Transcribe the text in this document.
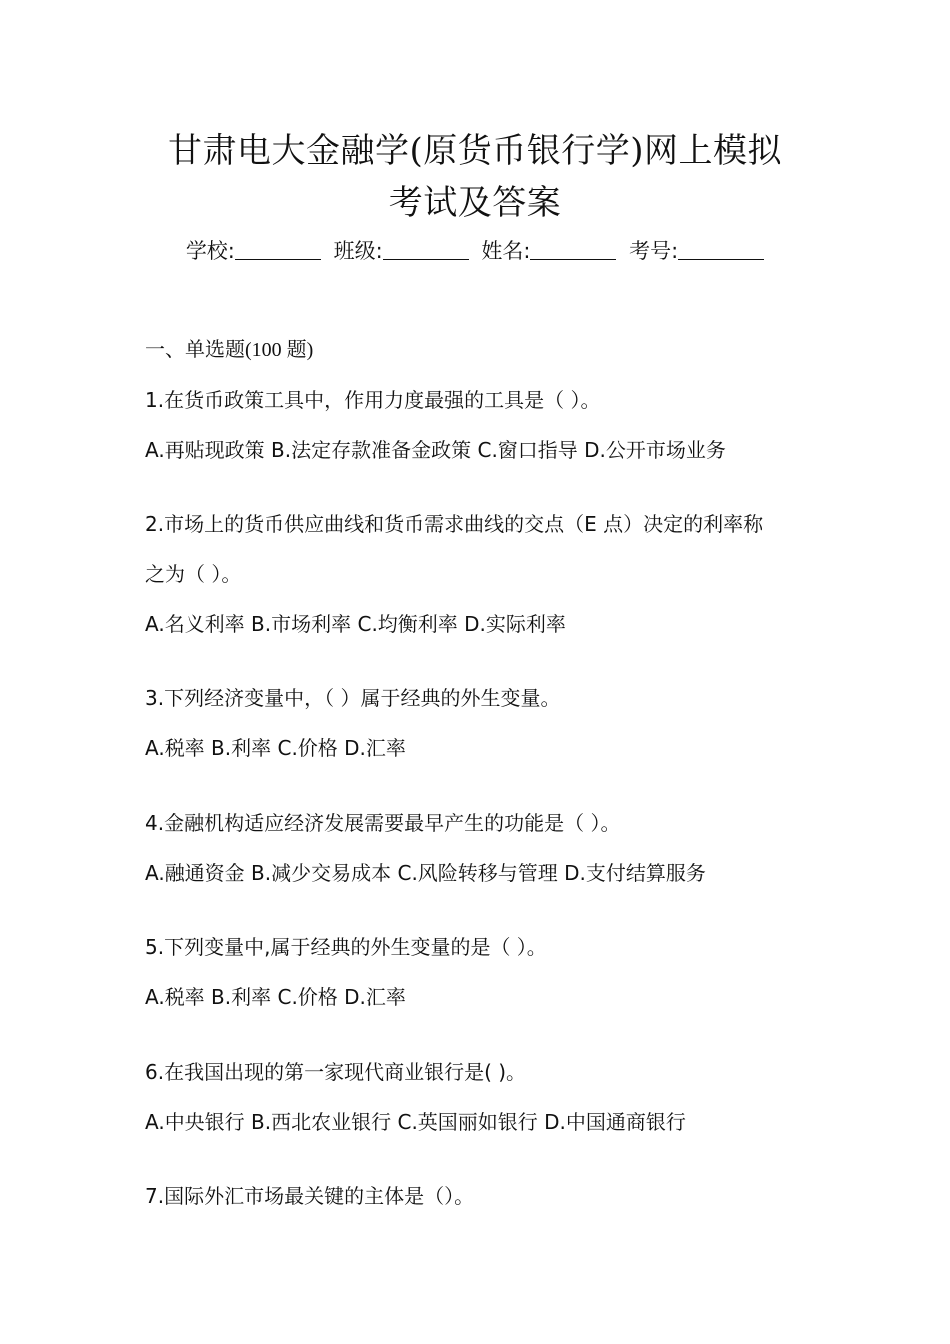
甘肃电大金融学(原货币银行学)网上模拟
考试及答案
学校:	班级:	姓名:	考号:
一、单选题(100 题)
1.在货币政策工具中，作用力度最强的工具是（ ）。
A.再贴现政策 B.法定存款准备金政策 C.窗口指导 D.公开市场业务
2.市场上的货币供应曲线和货币需求曲线的交点（E 点）决定的利率称
之为（ ）。
A.名义利率 B.市场利率 C.均衡利率 D.实际利率
3.下列经济变量中，（ ）属于经典的外生变量。
A.税率 B.利率 C.价格 D.汇率
4.金融机构适应经济发展需要最早产生的功能是（ ）。
A.融通资金 B.减少交易成本 C.风险转移与管理 D.支付结算服务
5.下列变量中,属于经典的外生变量的是（ ）。
A.税率 B.利率 C.价格 D.汇率
6.在我国出现的第一家现代商业银行是( )。
A.中央银行 B.西北农业银行 C.英国丽如银行 D.中国通商银行
7.国际外汇市场最关键的主体是（）。
